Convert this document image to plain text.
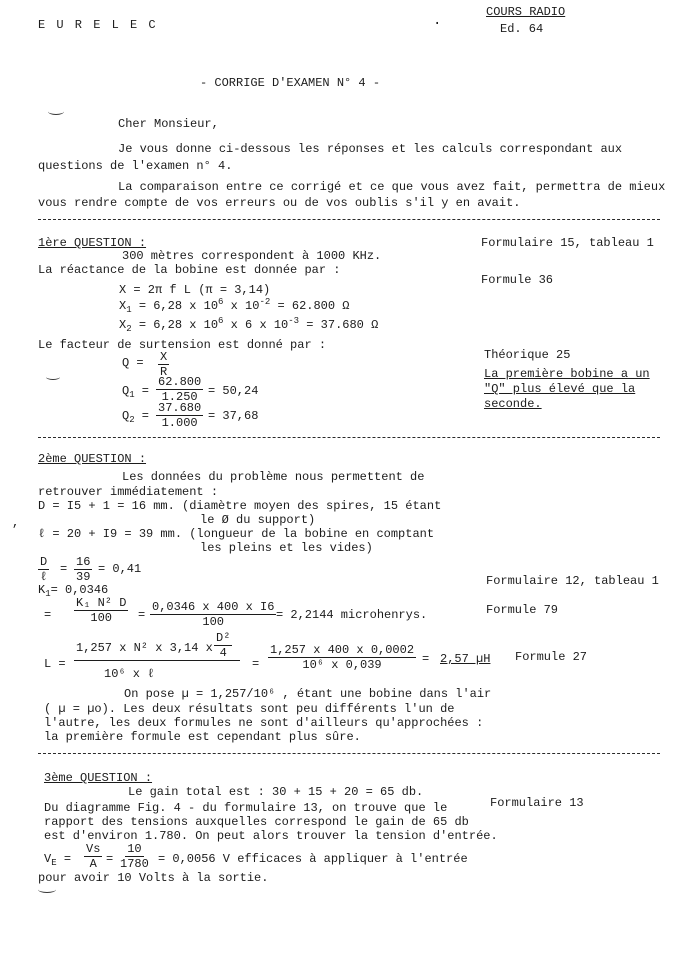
E U R E L E C	.
COURS RADIO
Ed. 64
- CORRIGE D'EXAMEN N° 4 -
Cher Monsieur,
Je vous donne ci-dessous les réponses et les calculs correspondant aux
questions de l'examen n° 4.
La comparaison entre ce corrigé et ce que vous avez fait, permettra de mieux
vous rendre compte de vos erreurs ou de vos oublis s'il y en avait.
1ère QUESTION :
300 mètres correspondent à 1000 KHz.
Formulaire 15, tableau 1
La réactance de la bobine est donnée par :
Formule 36
X = 2π f L (π = 3,14)
$X_1 = 6,28$ x $10^6$ x $10^{-2} = 62.800$ Ω
$X_2 = 6,28$ x $10^6$ x 6 x $10^{-3} = 37.680$ Ω
Le facteur de surtension est donné par :
Théorique 25
$Q = \frac{X}{R}$
$Q_1 = \frac{62.800}{1.250} = 50,24$
$Q_2 = \frac{37.680}{1.000} = 37,68$
La première bobine a un
"Q" plus élevé que la
seconde.
2ème QUESTION :
Les données du problème nous permettent de
retrouver immédiatement :
D = I5 + 1 = 16 mm. (diamètre moyen des spires, 15 étant
le Ø du support)
,
ℓ = 20 + I9 = 39 mm. (longueur de la bobine en comptant
les pleins et les vides)
D
ℓ
= $\frac{16}{39} = 0,41$
$K_1= 0,0346$
Formulaire 12, tableau 1
= $\frac{\text{K₁ N² D}}{100} = \frac{\text{0,0346 x 400 x I6}}{100} = 2,2144$ microhenrys.	Formule 79
L =
1,257 x N² x 3,14 x $\frac{\text{D²}}{4}$
10⁶ x ℓ
= $\frac{1,257 x 400 x 0,0002}{\text{10⁶ x 0,039}} = 2,57$ µH Formule 27
On pose µ = 1,257/10⁶ , étant une bobine dans l'air
( µ = µo). Les deux résultats sont peu différents l'un de
l'autre, les deux formules ne sont d'ailleurs qu'approchées :
la première formule est cependant plus sûre.
3ème QUESTION :
Le gain total est : 30 + 15 + 20 = 65 db.
Du diagramme Fig. 4 - du formulaire 13, on trouve que le	Formulaire 13
rapport des tensions auxquelles correspond le gain de 65 db
est d'environ 1.780. On peut alors trouver la tension d'entrée.
$V_E = \frac{Vs}{A} = \frac{10}{1780} = 0,0056$ V efficaces à appliquer à l'entrée
pour avoir 10 Volts à la sortie.
